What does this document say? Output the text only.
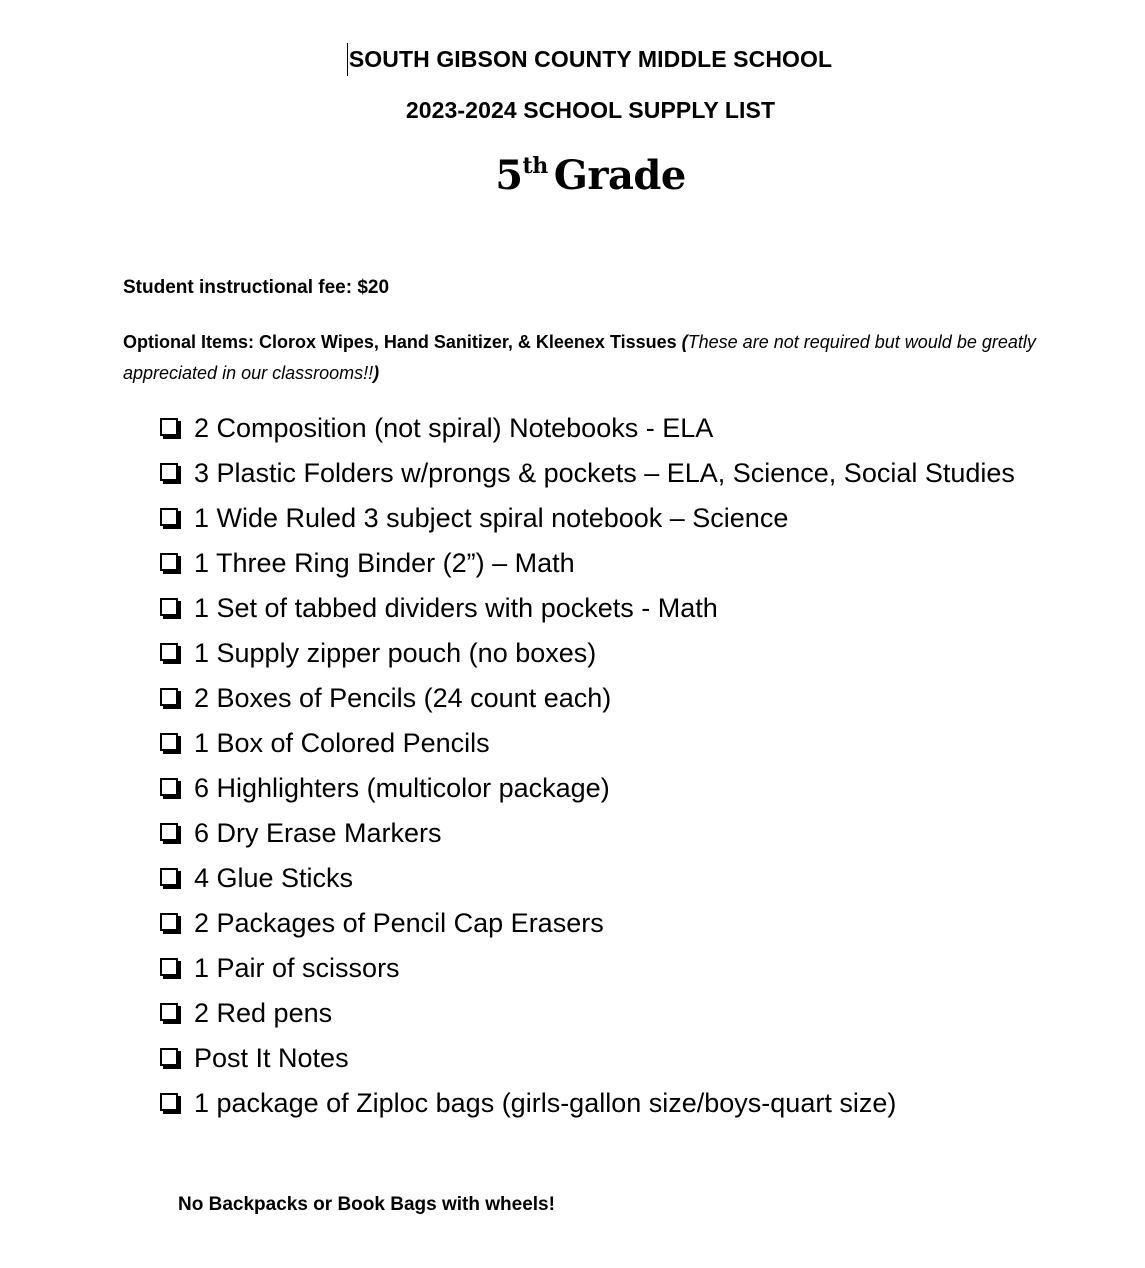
SOUTH GIBSON COUNTY MIDDLE SCHOOL
2023-2024 SCHOOL SUPPLY LIST
5th Grade
Student instructional fee: $20
Optional Items: Clorox Wipes, Hand Sanitizer, & Kleenex Tissues (These are not required but would be greatly appreciated in our classrooms!!)
2 Composition (not spiral) Notebooks - ELA
3 Plastic Folders w/prongs & pockets – ELA, Science, Social Studies
1 Wide Ruled 3 subject spiral notebook – Science
1 Three Ring Binder (2”) – Math
1 Set of tabbed dividers with pockets - Math
1 Supply zipper pouch (no boxes)
2 Boxes of Pencils (24 count each)
1 Box of Colored Pencils
6 Highlighters (multicolor package)
6 Dry Erase Markers
4 Glue Sticks
2 Packages of Pencil Cap Erasers
1 Pair of scissors
2 Red pens
Post It Notes
1 package of Ziploc bags (girls-gallon size/boys-quart size)
No Backpacks or Book Bags with wheels!
